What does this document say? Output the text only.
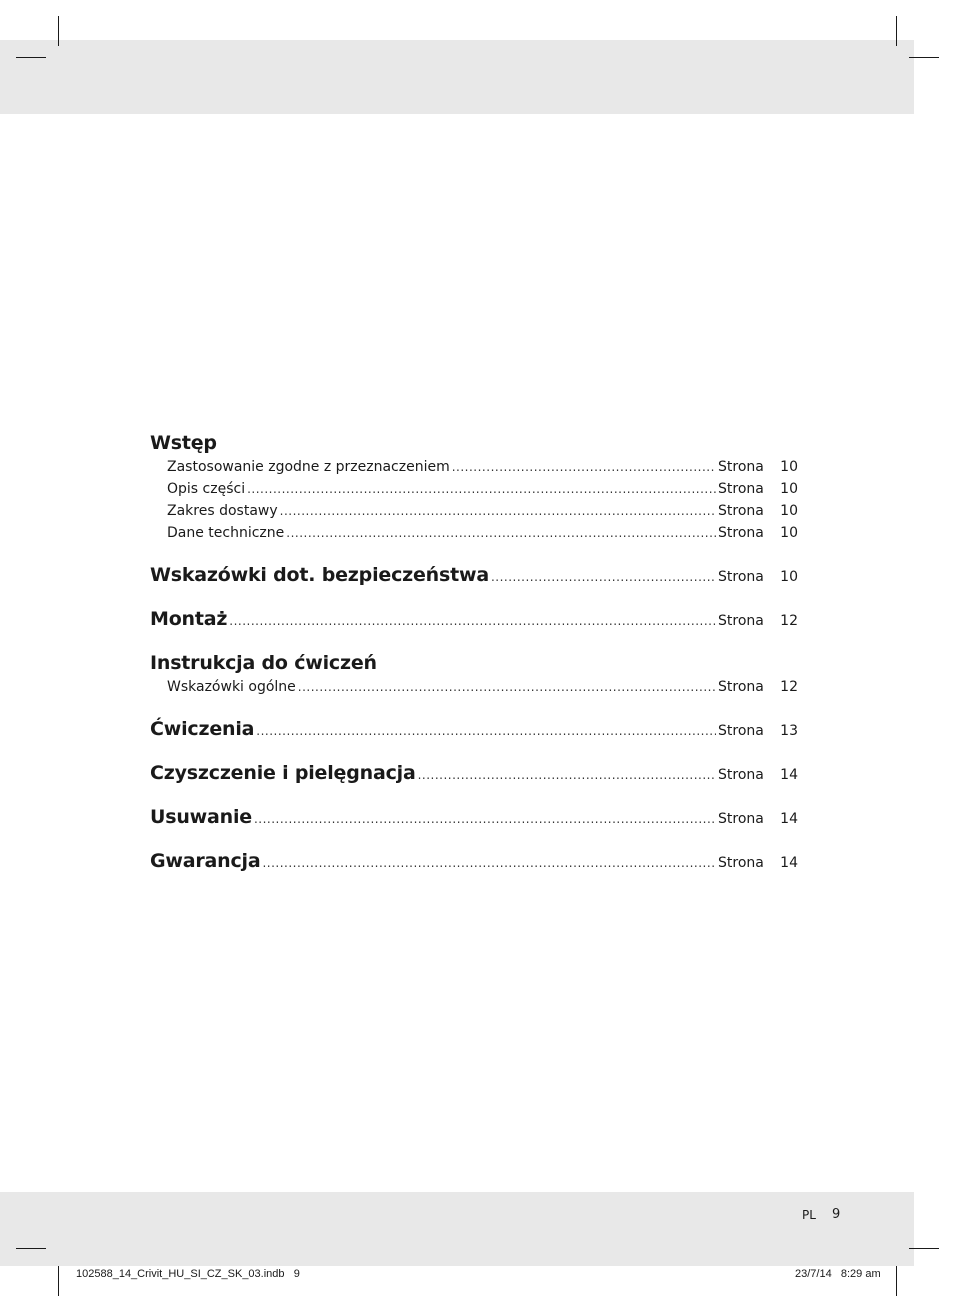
Wstęp
Zastosowanie zgodne z przeznaczeniem .....	Strona	10
Opis części .....	Strona	10
Zakres dostawy .....	Strona	10
Dane techniczne .....	Strona	10
Wskazówki dot. bezpieczeństwa .....	Strona	10
Montaż .....	Strona	12
Instrukcja do ćwiczeń
Wskazówki ogólne .....	Strona	12
Ćwiczenia .....	Strona	13
Czyszczenie i pielęgnacja .....	Strona	14
Usuwanie .....	Strona	14
Gwarancja .....	Strona	14
PL 9
102588_14_Crivit_HU_SI_CZ_SK_03.indb   9	23/7/14   8:29 am
